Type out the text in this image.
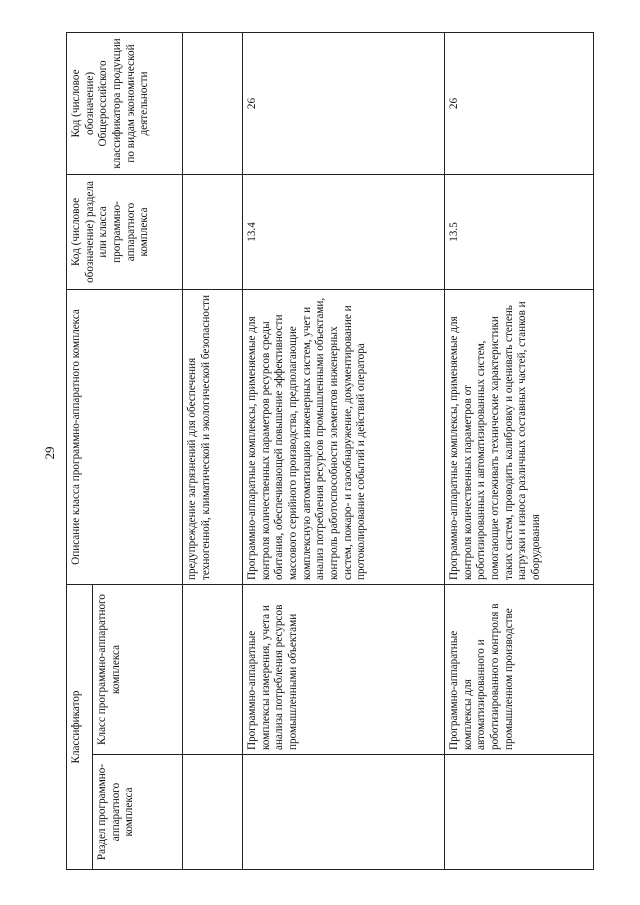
29
Классификатор		Описание класса программно-аппаратного комплекса	Код (числовое обозначение) раздела или класса программно-аппаратного комплекса	Код (числовое обозначение) Общероссийского классификатора продукции по видам экономической деятельности
Раздел программно-аппаратного комплекса	Класс программно-аппаратного комплекса			
		предупреждение загрязнений для обеспечения техногенной, климатической и экологической безопасности		
	Программно-аппаратные комплексы измерения, учета и анализа потребления ресурсов промышленными объектами	Программно-аппаратные комплексы, применяемые для контроля количественных параметров ресурсов среды обитания, обеспечивающей повышение эффективности массового серийного производства, предполагающие комплексную автоматизацию инженерных систем, учет и анализ потребления ресурсов промышленными объектами, контроль работоспособности элементов инженерных систем, пожаро- и газообнаружение, документирование и протоколирование событий и действий оператора	13.4	26
	Программно-аппаратные комплексы для автоматизированного и роботизированного контроля в промышленном производстве	Программно-аппаратные комплексы, применяемые для контроля количественных параметров от роботизированных и автоматизированных систем, помогающие отслеживать технические характеристики таких систем, проводить калибровку и оценивать степень нагрузки и износа различных составных частей, станков и оборудования	13.5	26
